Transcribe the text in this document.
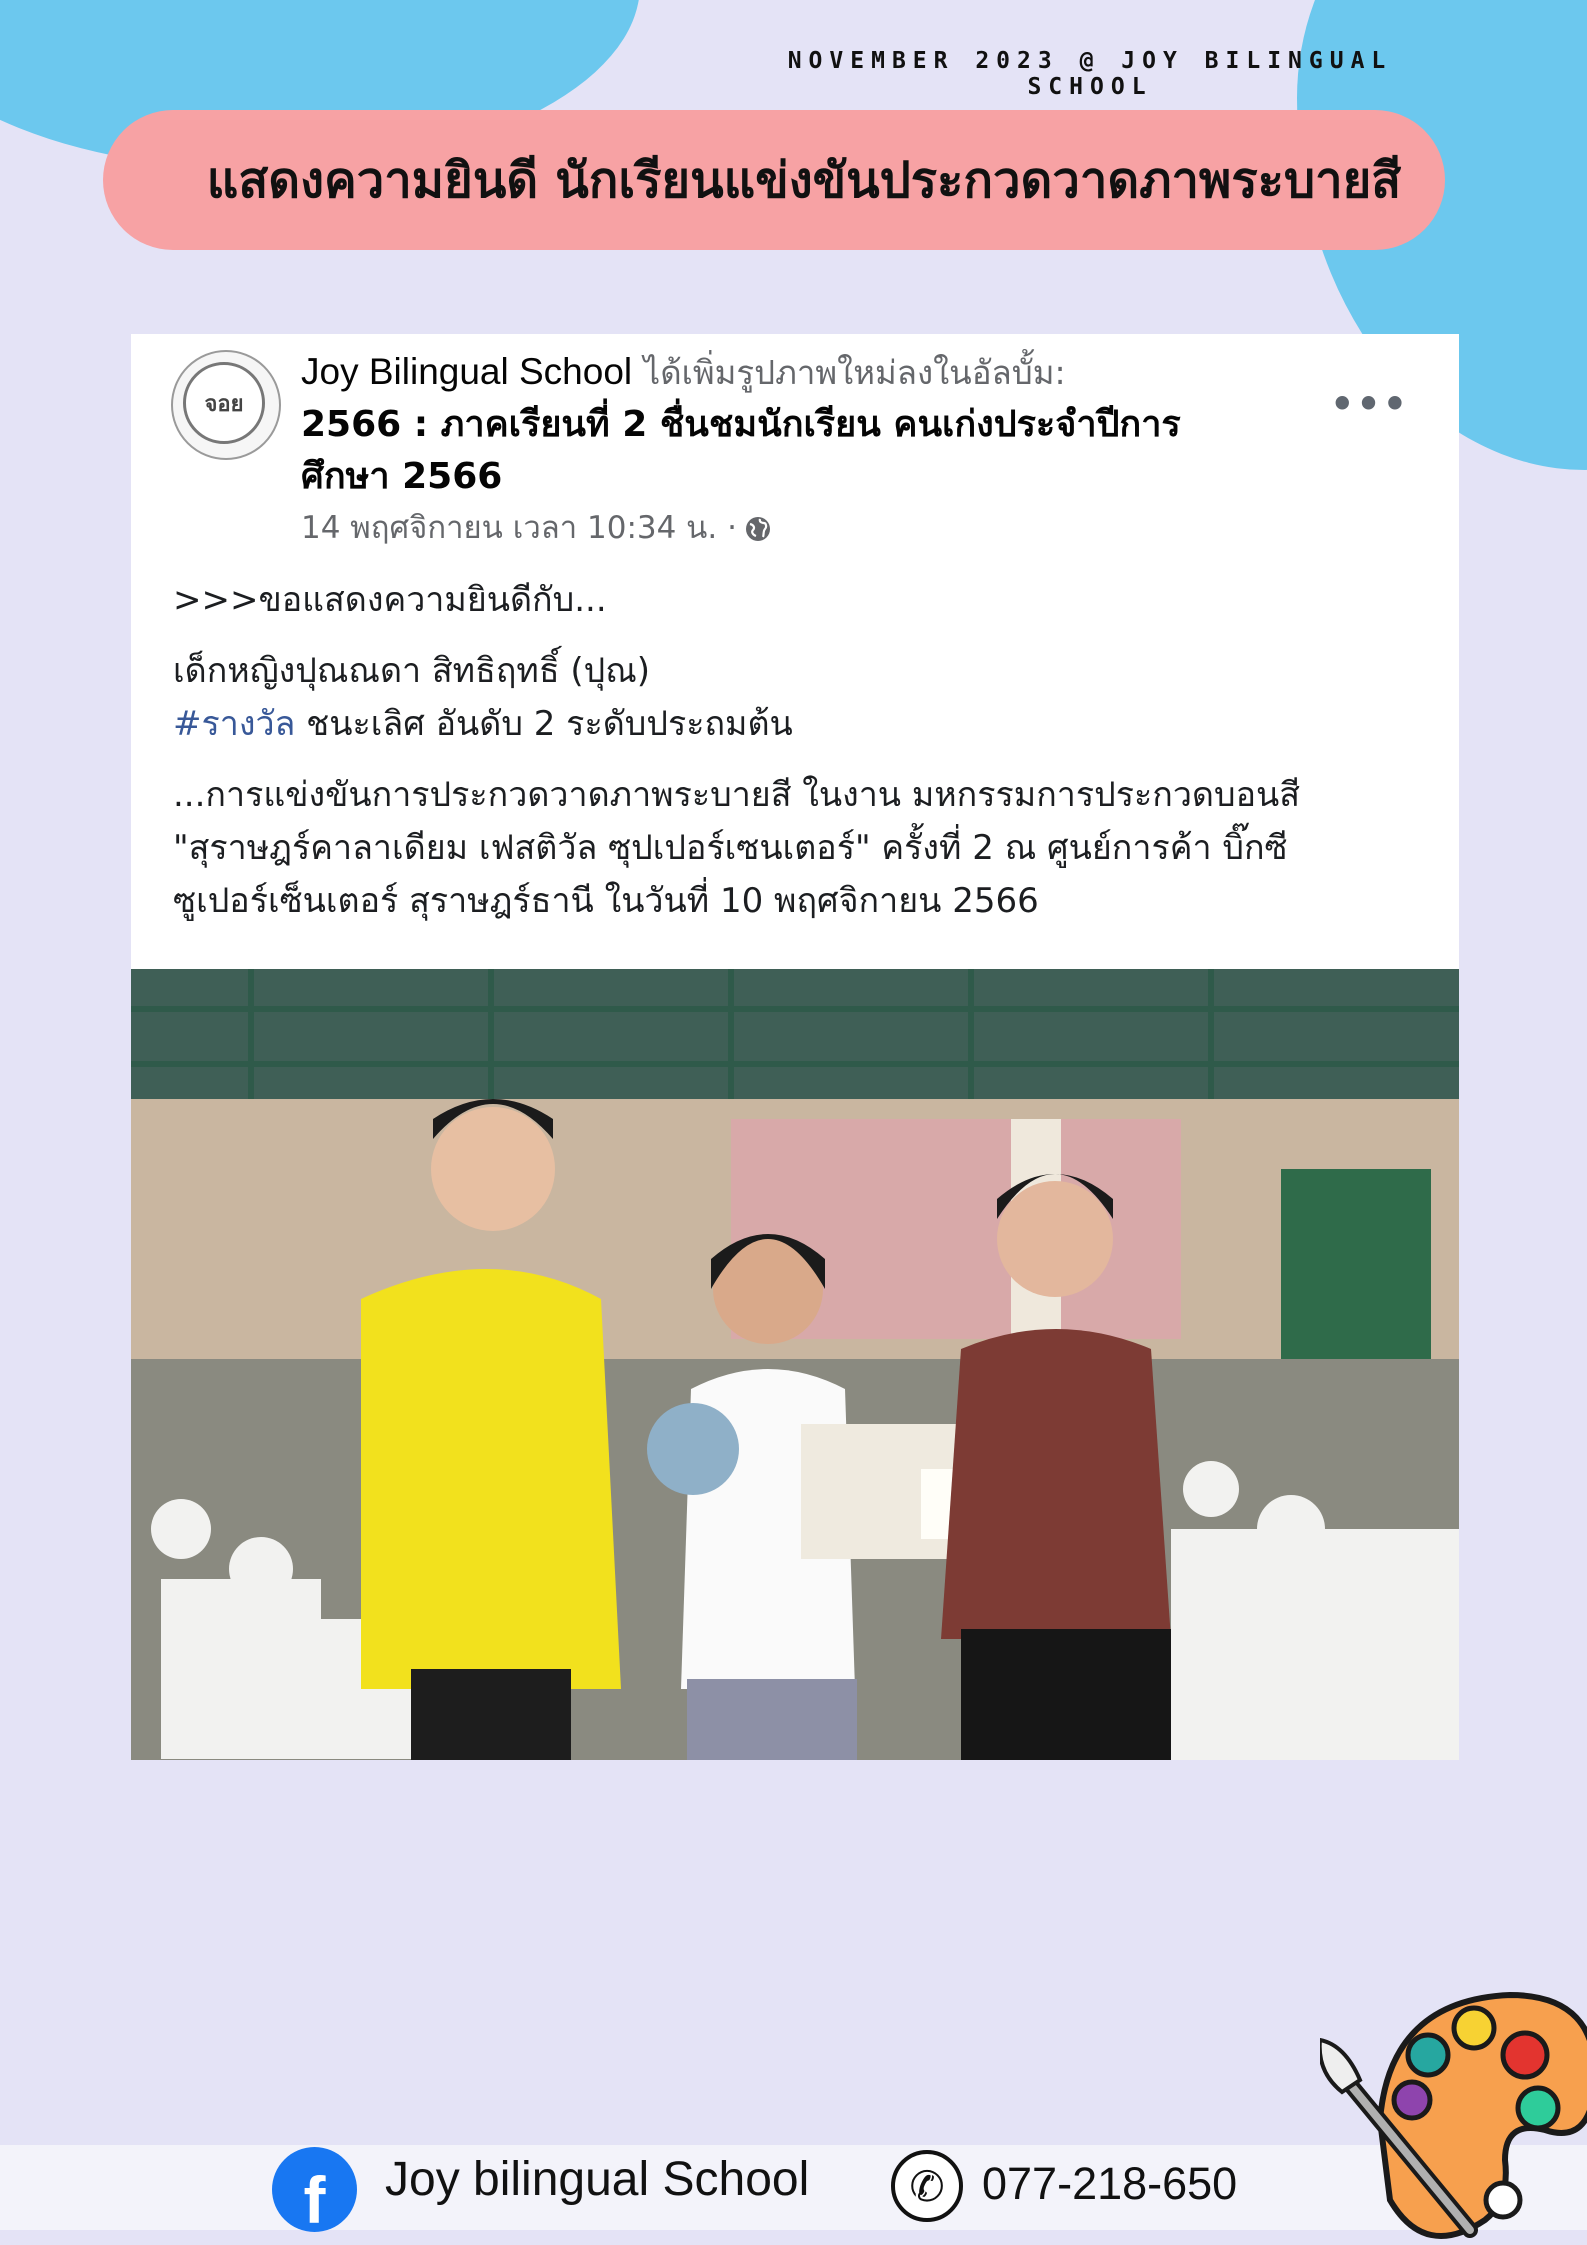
NOVEMBER 2023 @ JOY BILINGUAL SCHOOL
แสดงความยินดี นักเรียนแข่งขันประกวดวาดภาพระบายสี
จอย
Joy Bilingual School ได้เพิ่มรูปภาพใหม่ลงในอัลบั้ม:
2566 : ภาคเรียนที่ 2 ชื่นชมนักเรียน คนเก่งประจำปีการ
ศึกษา 2566
14 พฤศจิกายน เวลา 10:34 น. ·
•••
>>>ขอแสดงความยินดีกับ...
เด็กหญิงปุณณดา สิทธิฤทธิ์ (ปุณ)
#รางวัล ชนะเลิศ อันดับ 2 ระดับประถมต้น
...การแข่งขันการประกวดวาดภาพระบายสี ในงาน มหกรรมการประกวดบอนสี
"สุราษฎร์คาลาเดียม เฟสติวัล ซุปเปอร์เซนเตอร์" ครั้งที่ 2 ณ ศูนย์การค้า บิ๊กซี
ซูเปอร์เซ็นเตอร์ สุราษฎร์ธานี ในวันที่ 10 พฤศจิกายน 2566
f Joy bilingual School	✆ 077-218-650
